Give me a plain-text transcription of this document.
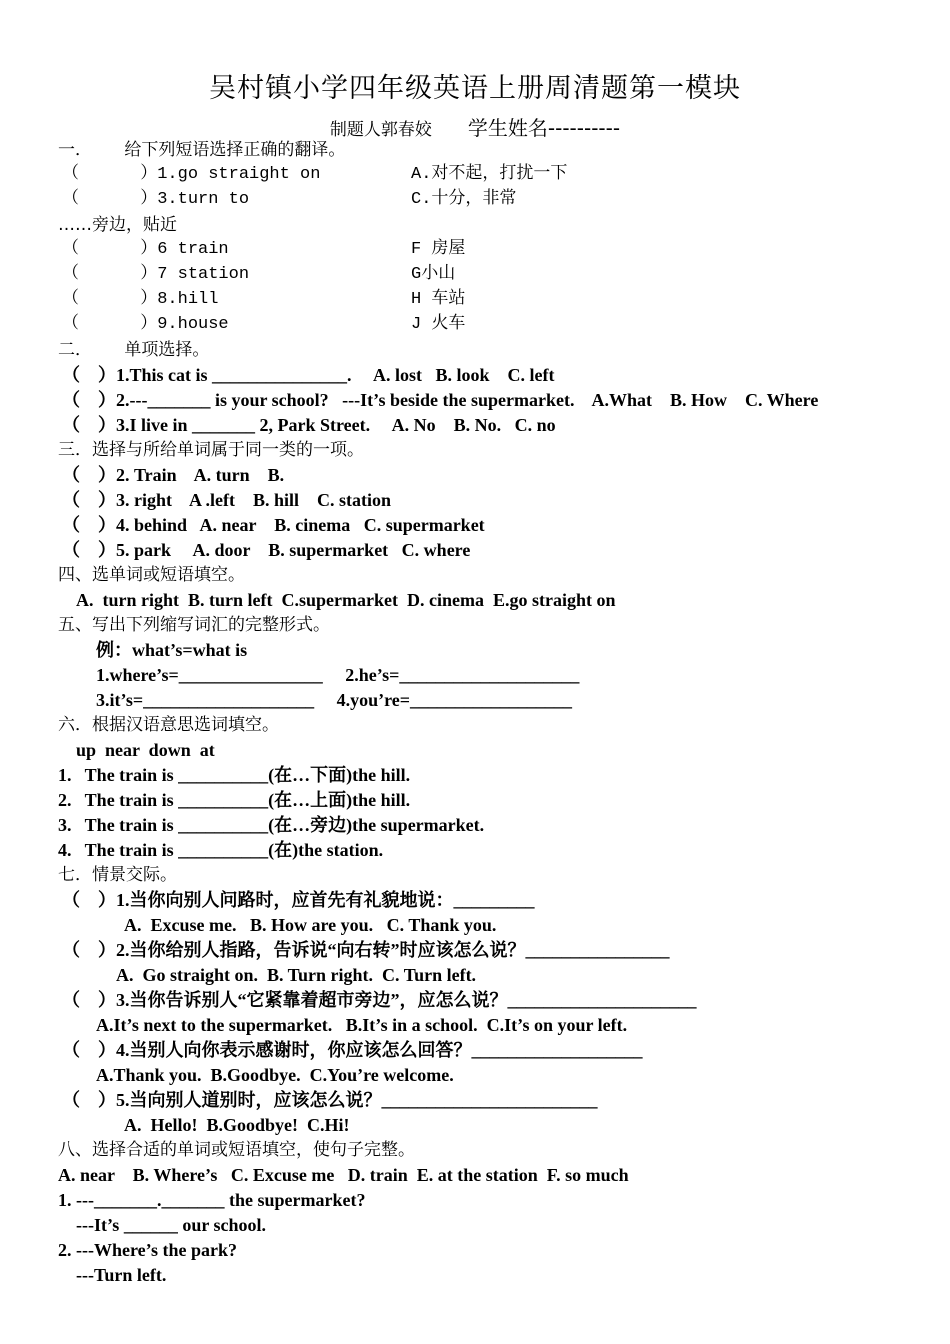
吴村镇小学四年级英语上册周清题第一模块
制题人郭春姣 学生姓名----------
一．      给下列短语选择正确的翻译。
（      ）1.go straight on	A.对不起，打扰一下
（      ）3.turn to	C.十分，非常
……旁边，贴近
（      ）6 train	F 房屋
（      ）7 station	G小山
（      ）8.hill	H 车站
（      ）9.house	J 火车
二．      单项选择。
（    ）1.This cat is _______________.     A. lost   B. look    C. left
（    ）2.---_______ is your school?   ---It’s beside the supermarket.    A.What    B. How    C. Where
（    ）3.I live in _______ 2, Park Street.     A. No    B. No.   C. no
三．选择与所给单词属于同一类的一项。
（    ）2. Train    A. turn    B.
（    ）3. right    A .left    B. hill    C. station
（    ）4. behind   A. near    B. cinema   C. supermarket
（    ）5. park     A. door    B. supermarket   C. where
四、选单词或短语填空。
A.  turn right  B. turn left  C.supermarket  D. cinema  E.go straight on
五、写出下列缩写词汇的完整形式。
例：what’s=what is
1.where’s=________________     2.he’s=____________________
3.it’s=___________________     4.you’re=__________________
六．根据汉语意思选词填空。
up  near  down  at
1.   The train is __________(在…下面)the hill.
2.   The train is __________(在…上面)the hill.
3.   The train is __________(在…旁边)the supermarket.
4.   The train is __________(在)the station.
七．情景交际。
（    ）1.当你向别人问路时，应首先有礼貌地说：_________
A.  Excuse me.   B. How are you.   C. Thank you.
（    ）2.当你给别人指路，告诉说“向右转”时应该怎么说？________________
A.  Go straight on.  B. Turn right.  C. Turn left.
（    ）3.当你告诉别人“它紧靠着超市旁边”，应怎么说？_____________________
A.It’s next to the supermarket.   B.It’s in a school.  C.It’s on your left.
（    ）4.当别人向你表示感谢时，你应该怎么回答？___________________
A.Thank you.  B.Goodbye.  C.You’re welcome.
（    ）5.当向别人道别时，应该怎么说？________________________
A.  Hello!  B.Goodbye!  C.Hi!
八、选择合适的单词或短语填空，使句子完整。
A. near    B. Where’s   C. Excuse me   D. train  E. at the station  F. so much
1. ---_______._______ the supermarket?
---It’s ______ our school.
2. ---Where’s the park?
---Turn left.
